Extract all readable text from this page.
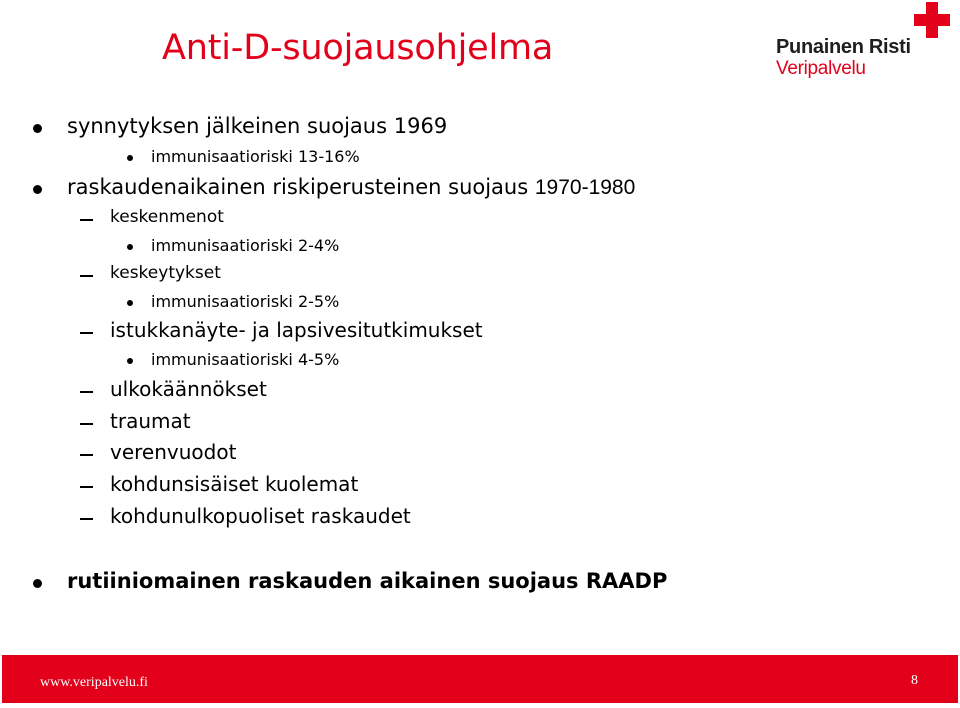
Anti-D-suojausohjelma	Punainen Risti
Veripalvelu
synnytyksen jälkeinen suojaus 1969
immunisaatioriski 13-16%
raskaudenaikainen riskiperusteinen suojaus 1970-1980
keskenmenot
immunisaatioriski 2-4%
keskeytykset
immunisaatioriski 2-5%
istukkanäyte- ja lapsivesitutkimukset
immunisaatioriski 4-5%
ulkokäännökset
traumat
verenvuodot
kohdunsisäiset kuolemat
kohdunulkopuoliset raskaudet
rutiiniomainen raskauden aikainen suojaus RAADP
www.veripalvelu.fi	8
